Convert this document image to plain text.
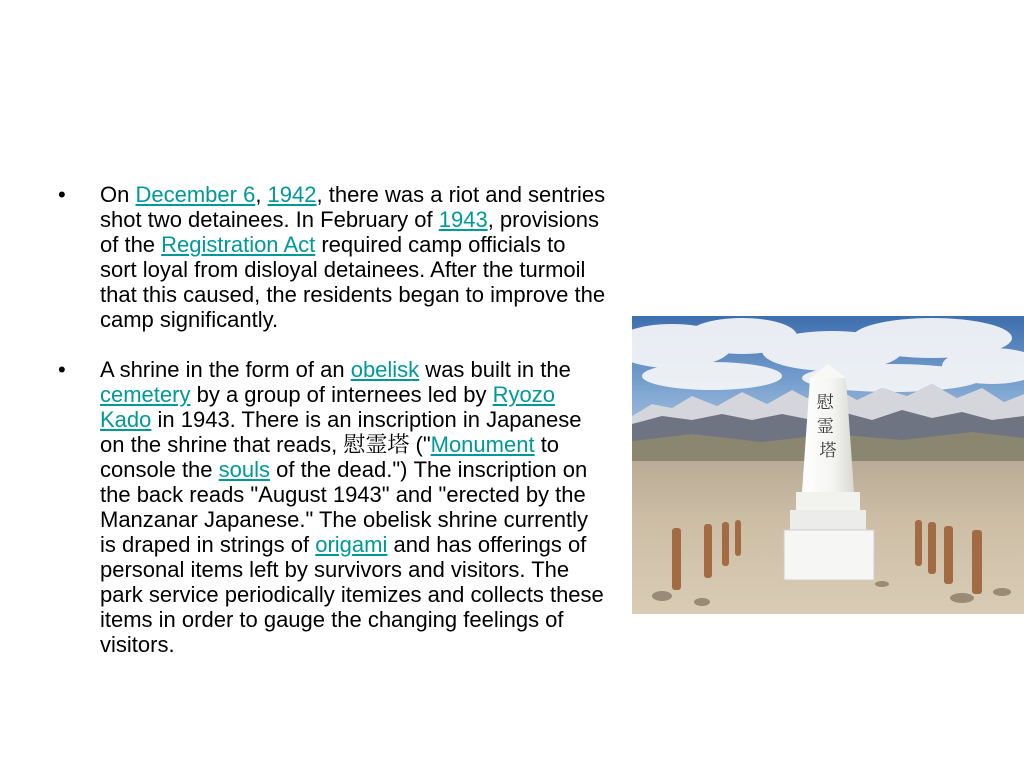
•	On December 6, 1942, there was a riot and sentries shot two detainees. In February of 1943, provisions of the Registration Act required camp officials to sort loyal from disloyal detainees. After the turmoil that this caused, the residents began to improve the camp significantly.
•	A shrine in the form of an obelisk was built in the cemetery by a group of internees led by Ryozo Kado in 1943. There is an inscription in Japanese on the shrine that reads, 慰霊塔 ("Monument to console the souls of the dead.") The inscription on the back reads "August 1943" and "erected by the Manzanar Japanese." The obelisk shrine currently is draped in strings of origami and has offerings of personal items left by survivors and visitors. The park service periodically itemizes and collects these items in order to gauge the changing feelings of visitors.
慰 霊 塔
